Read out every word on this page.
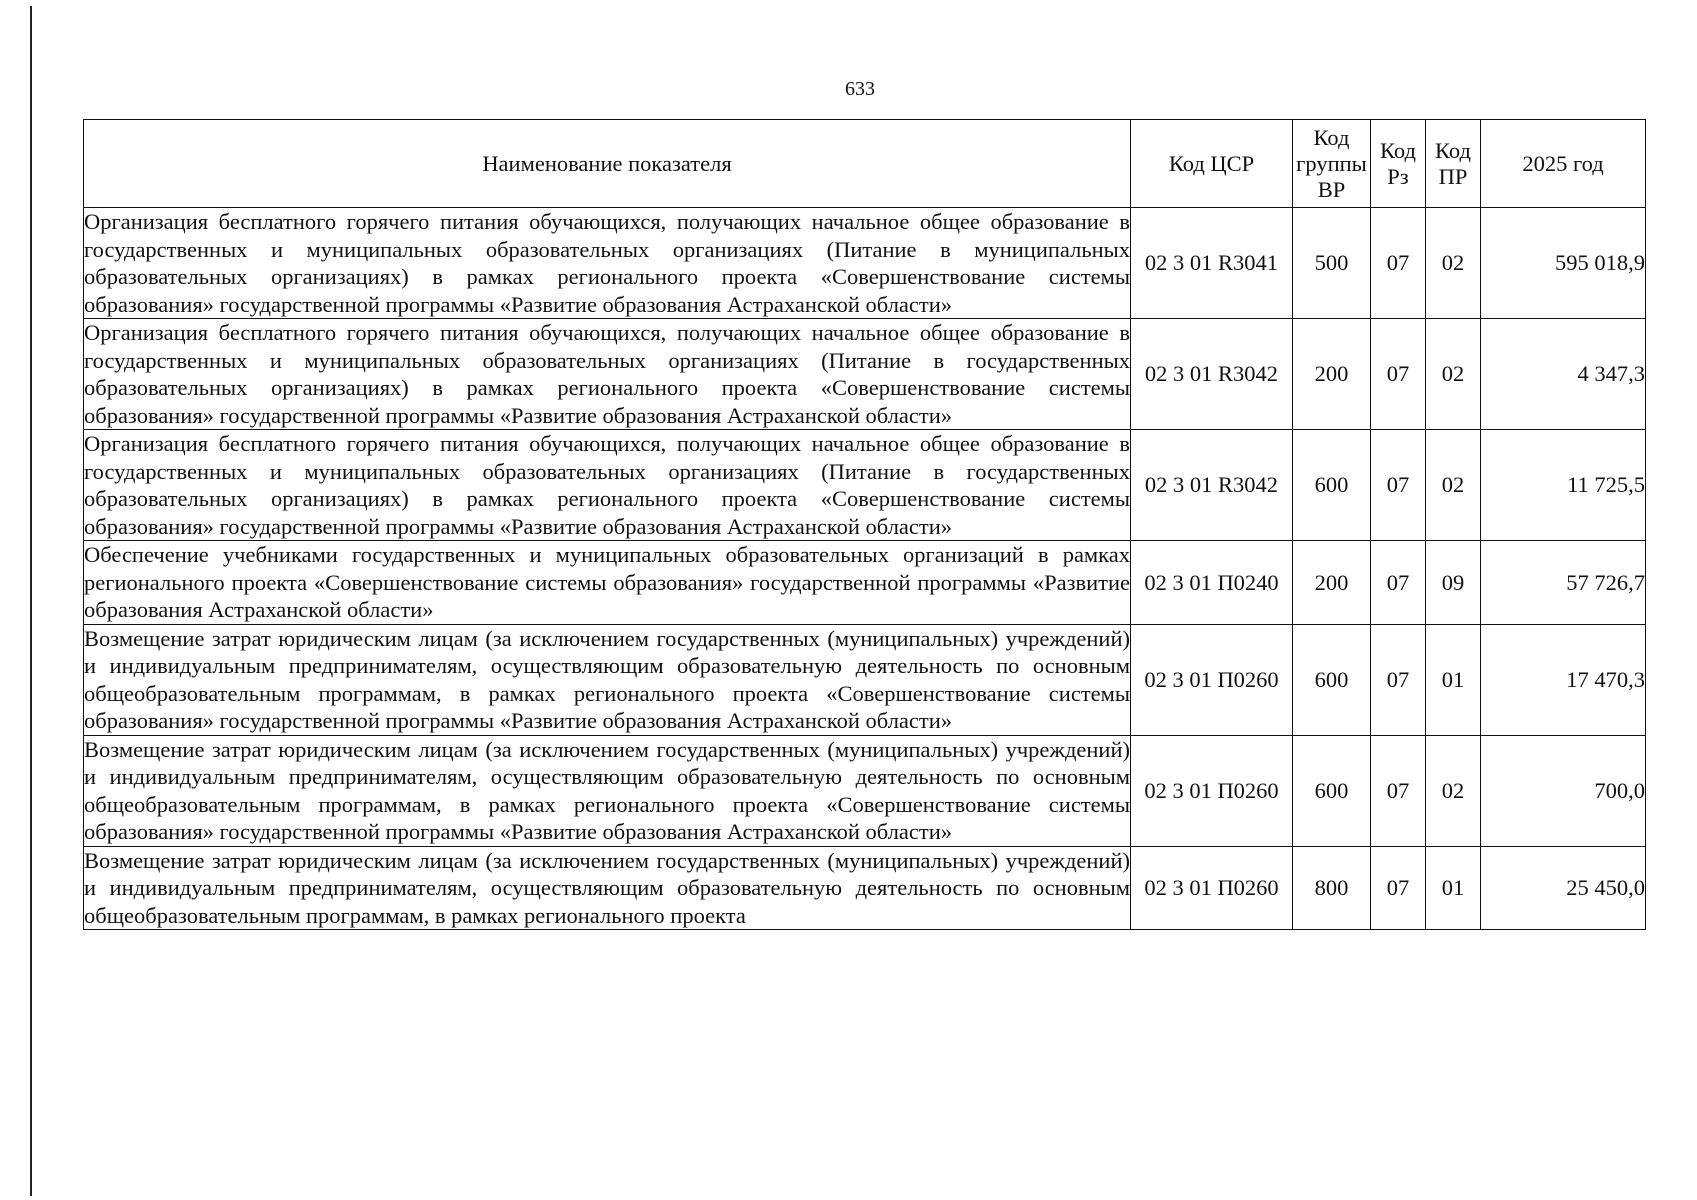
633
Наименование показателя	Код ЦСР	Код группы ВР	Код Рз	Код ПР	2025 год
Организация бесплатного горячего питания обучающихся, получающих начальное общее образование в государственных и муниципальных образовательных организациях (Питание в муниципальных образовательных организациях) в рамках регионального проекта «Совершенствование системы образования» государственной программы «Развитие образования Астраханской области»	02 3 01 R3041	500	07	02	595 018,9
Организация бесплатного горячего питания обучающихся, получающих начальное общее образование в государственных и муниципальных образовательных организациях (Питание в государственных образовательных организациях) в рамках регионального проекта «Совершенствование системы образования» государственной программы «Развитие образования Астраханской области»	02 3 01 R3042	200	07	02	4 347,3
Организация бесплатного горячего питания обучающихся, получающих начальное общее образование в государственных и муниципальных образовательных организациях (Питание в государственных образовательных организациях) в рамках регионального проекта «Совершенствование системы образования» государственной программы «Развитие образования Астраханской области»	02 3 01 R3042	600	07	02	11 725,5
Обеспечение учебниками государственных и муниципальных образовательных организаций в рамках регионального проекта «Совершенствование системы образования» государственной программы «Развитие образования Астраханской области»	02 3 01 П0240	200	07	09	57 726,7
Возмещение затрат юридическим лицам (за исключением государственных (муниципальных) учреждений) и индивидуальным предпринимателям, осуществляющим образовательную деятельность по основным общеобразовательным программам, в рамках регионального проекта «Совершенствование системы образования» государственной программы «Развитие образования Астраханской области»	02 3 01 П0260	600	07	01	17 470,3
Возмещение затрат юридическим лицам (за исключением государственных (муниципальных) учреждений) и индивидуальным предпринимателям, осуществляющим образовательную деятельность по основным общеобразовательным программам, в рамках регионального проекта «Совершенствование системы образования» государственной программы «Развитие образования Астраханской области»	02 3 01 П0260	600	07	02	700,0
Возмещение затрат юридическим лицам (за исключением государственных (муниципальных) учреждений) и индивидуальным предпринимателям, осуществляющим образовательную деятельность по основным общеобразовательным программам, в рамках регионального проекта	02 3 01 П0260	800	07	01	25 450,0
